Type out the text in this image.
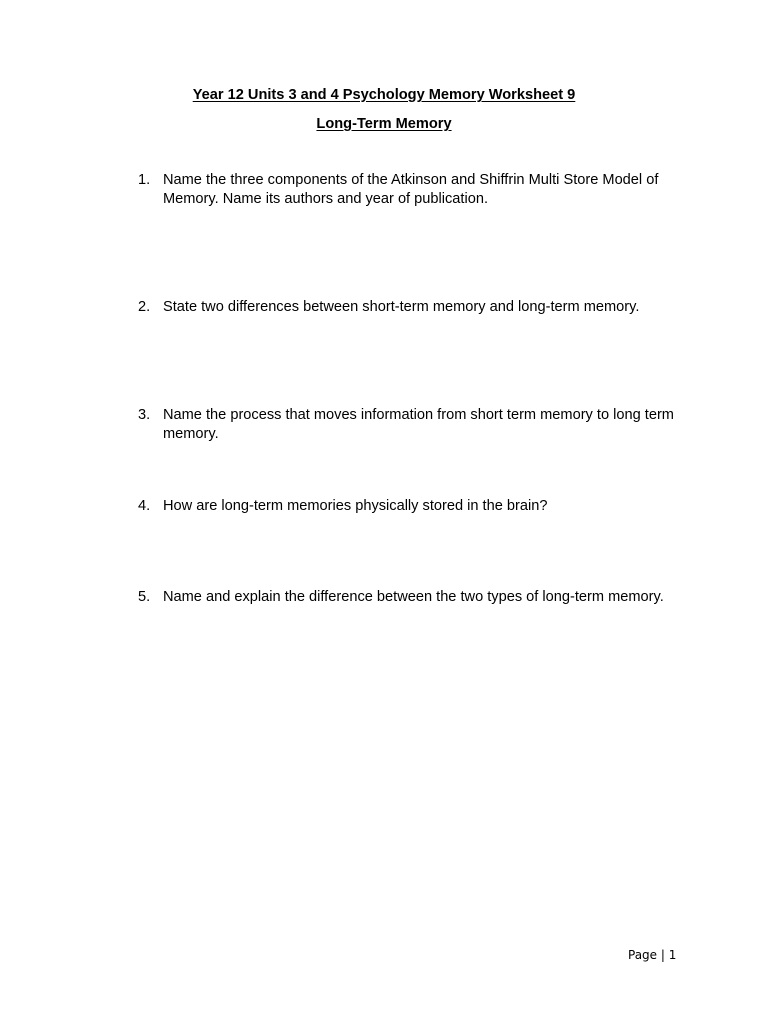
Year 12 Units 3 and 4 Psychology Memory Worksheet 9
Long-Term Memory
1. Name the three components of the Atkinson and Shiffrin Multi Store Model of Memory. Name its authors and year of publication.
2. State two differences between short-term memory and long-term memory.
3. Name the process that moves information from short term memory to long term memory.
4. How are long-term memories physically stored in the brain?
5. Name and explain the difference between the two types of long-term memory.
Page | 1
